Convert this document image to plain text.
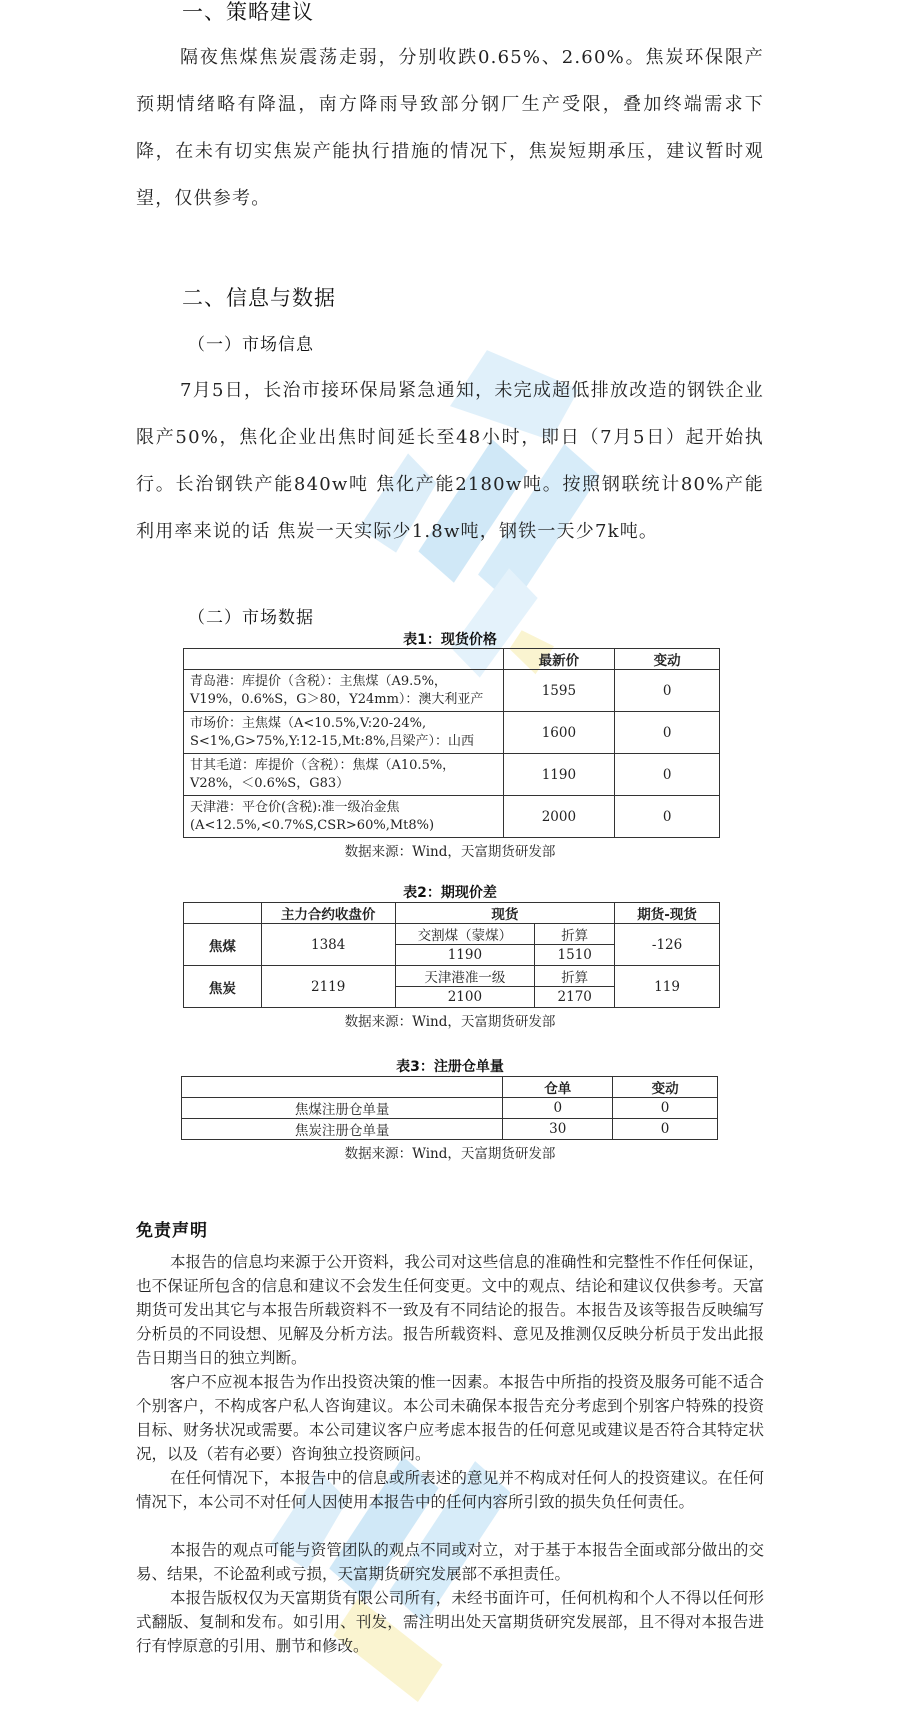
一、策略建议
隔夜焦煤焦炭震荡走弱，分别收跌0.65%、2.60%。焦炭环保限产预期情绪略有降温，南方降雨导致部分钢厂生产受限，叠加终端需求下降，在未有切实焦炭产能执行措施的情况下，焦炭短期承压，建议暂时观望，仅供参考。
二、信息与数据
（一）市场信息
7月5日，长治市接环保局紧急通知，未完成超低排放改造的钢铁企业限产50%，焦化企业出焦时间延长至48小时，即日（7月5日）起开始执行。长治钢铁产能840w吨 焦化产能2180w吨。按照钢联统计80%产能利用率来说的话 焦炭一天实际少1.8w吨，钢铁一天少7k吨。
（二）市场数据
表1：现货价格
	最新价	变动
青岛港：库提价（含税）：主焦煤（A9.5%，
V19%，0.6%S，G＞80，Y24mm）：澳大利亚产	1595	0
市场价：主焦煤（A<10.5%,V:20-24%,
S<1%,G>75%,Y:12-15,Mt:8%,吕梁产）：山西	1600	0
甘其毛道：库提价（含税）：焦煤（A10.5%，
V28%，＜0.6%S，G83）	1190	0
天津港：平仓价(含税):准一级冶金焦
(A<12.5%,<0.7%S,CSR>60%,Mt8%)	2000	0
数据来源：Wind，天富期货研发部
表2：期现价差
	主力合约收盘价	现货		期货-现货
焦煤	1384	交割煤（蒙煤）	折算	-126
		1190	1510	
焦炭	2119	天津港准一级	折算	119
		2100	2170	
数据来源：Wind，天富期货研发部
表3：注册仓单量
	仓单	变动
焦煤注册仓单量	0	0
焦炭注册仓单量	30	0
数据来源：Wind，天富期货研发部
免责声明

本报告的信息均来源于公开资料，我公司对这些信息的准确性和完整性不作任何保证，也不保证所包含的信息和建议不会发生任何变更。文中的观点、结论和建议仅供参考。天富期货可发出其它与本报告所载资料不一致及有不同结论的报告。本报告及该等报告反映编写分析员的不同设想、见解及分析方法。报告所载资料、意见及推测仅反映分析员于发出此报告日期当日的独立判断。

客户不应视本报告为作出投资决策的惟一因素。本报告中所指的投资及服务可能不适合个别客户，不构成客户私人咨询建议。本公司未确保本报告充分考虑到个别客户特殊的投资目标、财务状况或需要。本公司建议客户应考虑本报告的任何意见或建议是否符合其特定状况，以及（若有必要）咨询独立投资顾问。

在任何情况下，本报告中的信息或所表述的意见并不构成对任何人的投资建议。在任何情况下，本公司不对任何人因使用本报告中的任何内容所引致的损失负任何责任。

本报告的观点可能与资管团队的观点不同或对立，对于基于本报告全面或部分做出的交易、结果，不论盈利或亏损，天富期货研究发展部不承担责任。

本报告版权仅为天富期货有限公司所有，未经书面许可，任何机构和个人不得以任何形式翻版、复制和发布。如引用、刊发，需注明出处天富期货研究发展部，且不得对本报告进行有悖原意的引用、删节和修改。
